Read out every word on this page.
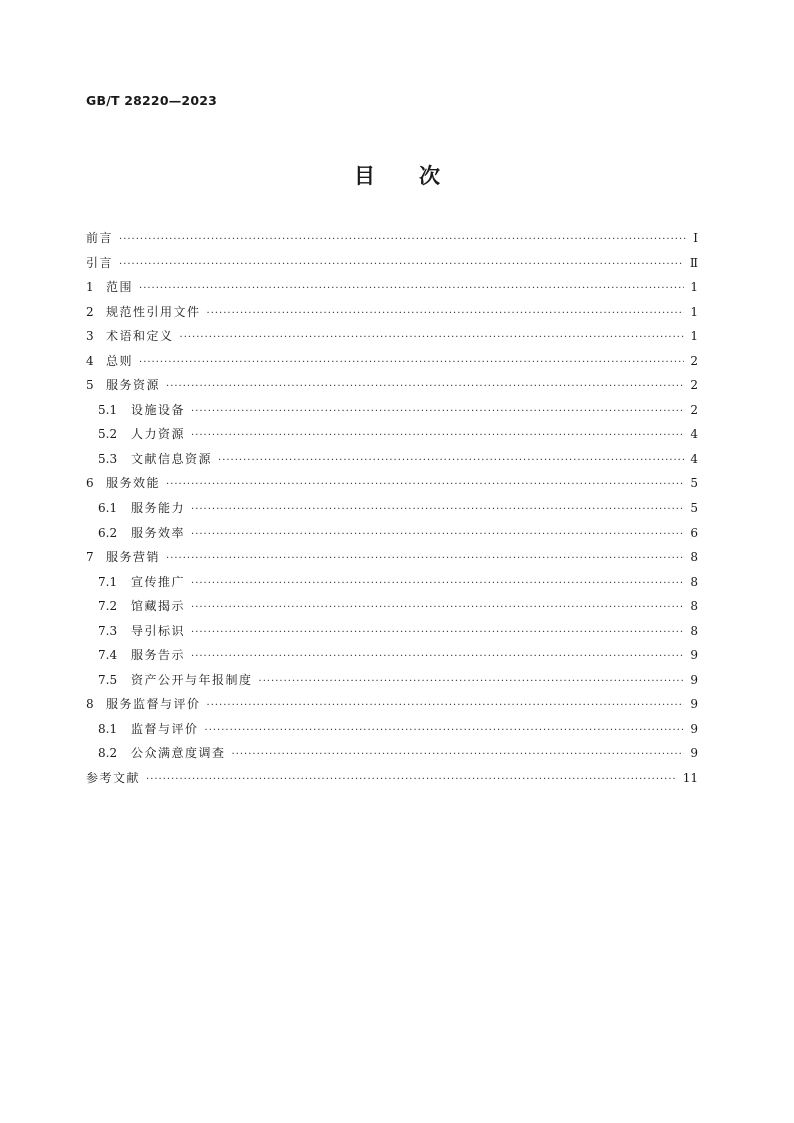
GB/T 28220—2023
目 次
前言 ·····	Ⅰ
引言 ·····	Ⅱ
1	范围 ·····	1
2	规范性引用文件 ·····	1
3	术语和定义 ·····	1
4	总则 ·····	2
5	服务资源 ·····	2
5.1	设施设备 ·····	2
5.2	人力资源 ·····	4
5.3	文献信息资源 ·····	4
6	服务效能 ·····	5
6.1	服务能力 ·····	5
6.2	服务效率 ·····	6
7	服务营销 ·····	8
7.1	宣传推广 ·····	8
7.2	馆藏揭示 ·····	8
7.3	导引标识 ·····	8
7.4	服务告示 ·····	9
7.5	资产公开与年报制度 ·····	9
8	服务监督与评价 ·····	9
8.1	监督与评价 ·····	9
8.2	公众满意度调查 ·····	9
参考文献 ·····	11
